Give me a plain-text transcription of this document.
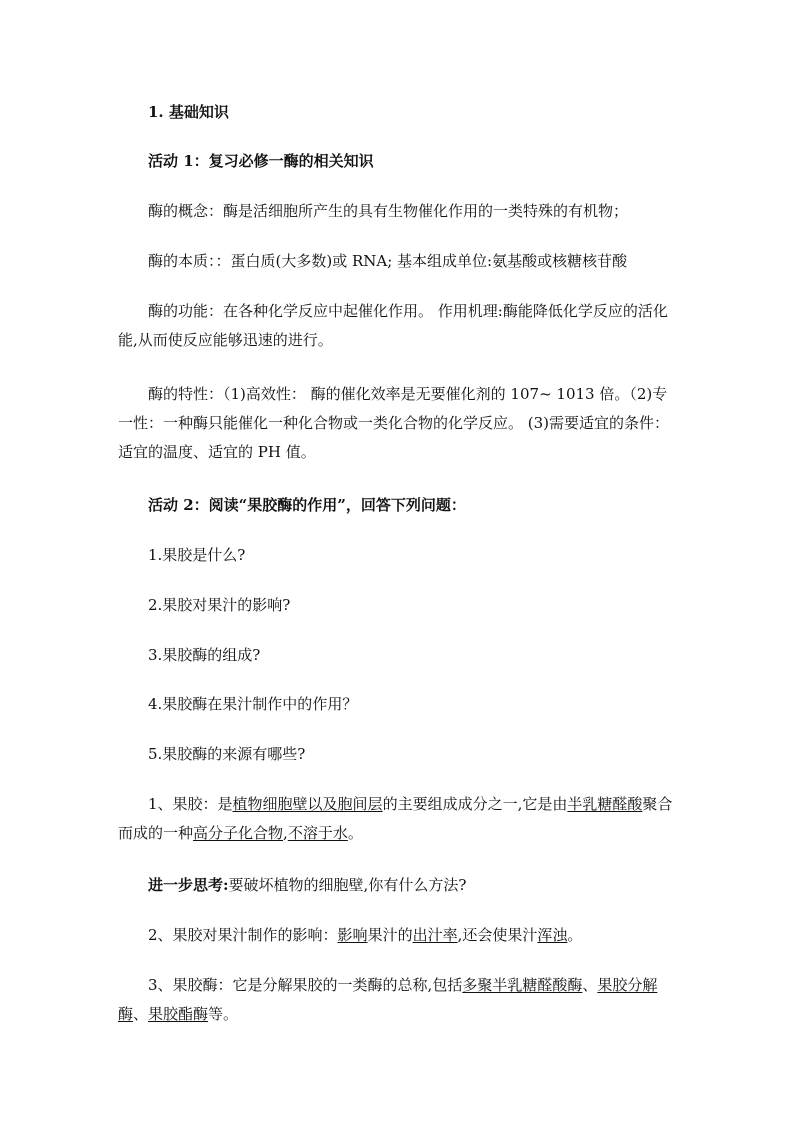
1. 基础知识

活动 1：复习必修一酶的相关知识

酶的概念：酶是活细胞所产生的具有生物催化作用的一类特殊的有机物；

酶的本质：：蛋白质(大多数)或 RNA; 基本组成单位:氨基酸或核糖核苷酸

酶的功能：在各种化学反应中起催化作用。 作用机理:酶能降低化学反应的活化能,从而使反应能够迅速的进行。

酶的特性：（1)高效性： 酶的催化效率是无要催化剂的 107~ 1013 倍。（2)专一性：一种酶只能催化一种化合物或一类化合物的化学反应。 (3)需要适宜的条件：适宜的温度、适宜的 PH 值。

活动 2：阅读“果胶酶的作用”，回答下列问题：

1.果胶是什么?

2.果胶对果汁的影响?

3.果胶酶的组成?

4.果胶酶在果汁制作中的作用？

5.果胶酶的来源有哪些?

1、果胶：是植物细胞壁以及胞间层的主要组成成分之一,它是由半乳糖醛酸聚合而成的一种高分子化合物,不溶于水。

进一步思考:要破坏植物的细胞壁,你有什么方法?

2、果胶对果汁制作的影响：影响果汁的出汁率,还会使果汁浑浊。

3、果胶酶：它是分解果胶的一类酶的总称,包括多聚半乳糖醛酸酶、果胶分解酶、果胶酯酶等。
